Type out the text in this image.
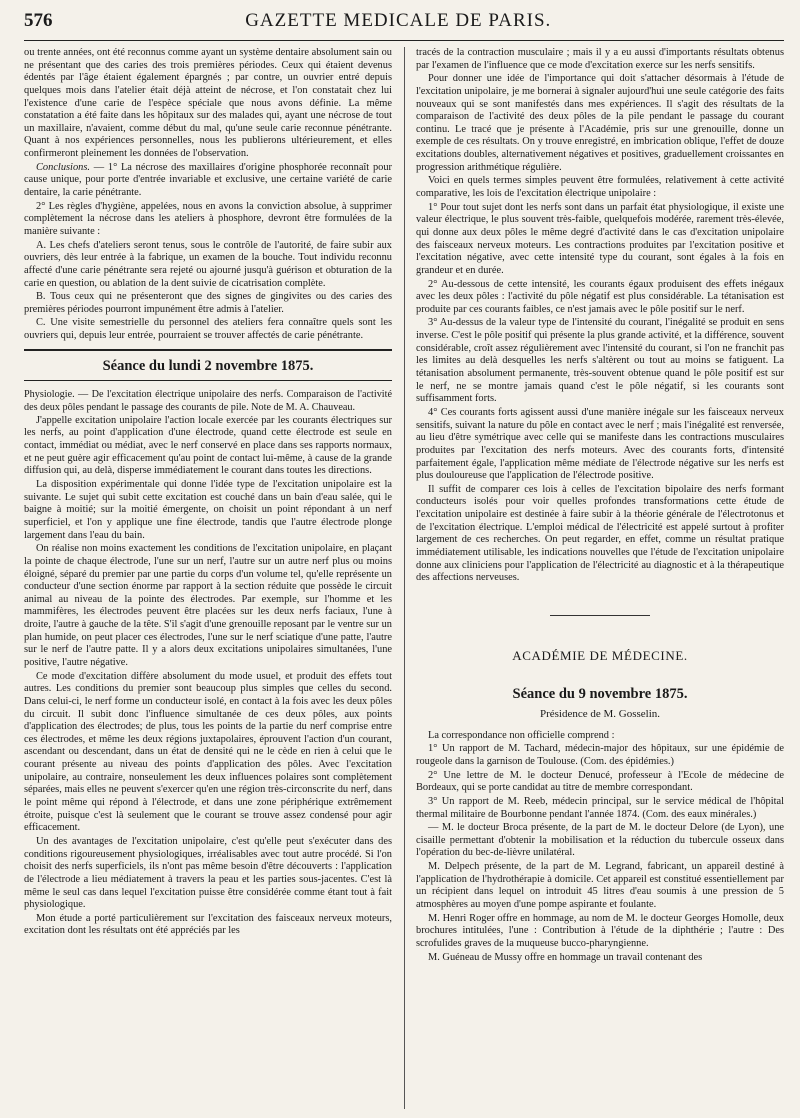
576	GAZETTE MEDICALE DE PARIS.

ou trente années, ont été reconnus comme ayant un système dentaire absolument sain ou ne présentant que des caries des trois premières périodes. Ceux qui étaient devenus édentés par l'âge étaient également épargnés ; par contre, un ouvrier entré depuis quelques mois dans l'atelier était déjà atteint de nécrose, et l'on constatait chez lui l'existence d'une carie de l'espèce spéciale que nous avons définie. La même constatation a été faite dans les hôpitaux sur des malades qui, ayant une nécrose de tout un maxillaire, n'avaient, comme début du mal, qu'une seule carie reconnue pénétrante. Quant à nos expériences personnelles, nous les publierons ultérieurement, et elles confirmeront pleinement les données de l'observation.

Conclusions. — 1° La nécrose des maxillaires d'origine phosphorée reconnaît pour cause unique, pour porte d'entrée invariable et exclusive, une certaine variété de carie dentaire, la carie pénétrante.

2° Les règles d'hygiène, appelées, nous en avons la conviction absolue, à supprimer complètement la nécrose dans les ateliers à phosphore, devront être formulées de la manière suivante :

A. Les chefs d'ateliers seront tenus, sous le contrôle de l'autorité, de faire subir aux ouvriers, dès leur entrée à la fabrique, un examen de la bouche. Tout individu reconnu affecté d'une carie pénétrante sera rejeté ou ajourné jusqu'à guérison et obturation de la carie en question, ou ablation de la dent suivie de cicatrisation complète.

B. Tous ceux qui ne présenteront que des signes de gingivites ou des caries des premières périodes pourront impunément être admis à l'atelier.

C. Une visite semestrielle du personnel des ateliers fera connaître quels sont les ouvriers qui, depuis leur entrée, pourraient se trouver affectés de carie pénétrante.

Séance du lundi 2 novembre 1875.

Physiologie. — De l'excitation électrique unipolaire des nerfs. Comparaison de l'activité des deux pôles pendant le passage des courants de pile. Note de M. A. Chauveau.

J'appelle excitation unipolaire l'action locale exercée par les courants électriques sur les nerfs, au point d'application d'une électrode, quand cette électrode est seule en contact, immédiat ou médiat, avec le nerf conservé en place dans ses rapports normaux, et ne peut guère agir efficacement qu'au point de contact lui-même, à cause de la grande diffusion qui, au delà, disperse immédiatement le courant dans toutes les directions.

La disposition expérimentale qui donne l'idée type de l'excitation unipolaire est la suivante. Le sujet qui subit cette excitation est couché dans un bain d'eau salée, qui le baigne à moitié; sur la moitié émergente, on choisit un point répondant à un nerf superficiel, et l'on y applique une fine électrode, tandis que l'autre électrode plonge largement dans l'eau du bain.

On réalise non moins exactement les conditions de l'excitation unipolaire, en plaçant la pointe de chaque électrode, l'une sur un nerf, l'autre sur un autre nerf plus ou moins éloigné, séparé du premier par une partie du corps d'un volume tel, qu'elle représente un conducteur d'une section énorme par rapport à la section réduite que possède le circuit animal au niveau de la pointe des électrodes. Par exemple, sur l'homme et les mammifères, les électrodes peuvent être placées sur les deux nerfs faciaux, l'une à droite, l'autre à gauche de la tête. S'il s'agit d'une grenouille reposant par le ventre sur un plan humide, on peut placer ces électrodes, l'une sur le nerf sciatique d'une patte, l'autre sur le nerf de l'autre patte. Il y a alors deux excitations unipolaires simultanées, l'une positive, l'autre négative.

Ce mode d'excitation diffère absolument du mode usuel, et produit des effets tout autres. Les conditions du premier sont beaucoup plus simples que celles du second. Dans celui-ci, le nerf forme un conducteur isolé, en contact à la fois avec les deux pôles du circuit. Il subit donc l'influence simultanée de ces deux pôles, aux points d'application des électrodes; de plus, tous les points de la partie du nerf comprise entre ces électrodes, et même les deux régions juxtapolaires, éprouvent l'action d'un courant, ascendant ou descendant, dans un état de densité qui ne le cède en rien à celui que le courant présente au niveau des points d'application des pôles. Avec l'excitation unipolaire, au contraire, nonseulement les deux influences polaires sont complètement séparées, mais elles ne peuvent s'exercer qu'en une région très-circonscrite du nerf, dans le point même qui répond à l'électrode, et dans une zone périphérique extrêmement étroite, puisque c'est là seulement que le courant se trouve assez condensé pour agir efficacement.

Un des avantages de l'excitation unipolaire, c'est qu'elle peut s'exécuter dans des conditions rigoureusement physiologiques, irréalisables avec tout autre procédé. Si l'on choisit des nerfs superficiels, ils n'ont pas même besoin d'être découverts : l'application de l'électrode a lieu médiatement à travers la peau et les parties sous-jacentes. C'est là même le seul cas dans lequel l'excitation puisse être considérée comme étant tout à fait physiologique.

Mon étude a porté particulièrement sur l'excitation des faisceaux nerveux moteurs, excitation dont les résultats ont été appréciés par les

tracés de la contraction musculaire ; mais il y a eu aussi d'importants résultats obtenus par l'examen de l'influence que ce mode d'excitation exerce sur les nerfs sensitifs.

Pour donner une idée de l'importance qui doit s'attacher désormais à l'étude de l'excitation unipolaire, je me bornerai à signaler aujourd'hui une seule catégorie des faits nouveaux qui se sont manifestés dans mes expériences. Il s'agit des résultats de la comparaison de l'activité des deux pôles de la pile pendant le passage du courant continu. Le tracé que je présente à l'Académie, pris sur une grenouille, donne un exemple de ces résultats. On y trouve enregistré, en imbrication oblique, l'effet de douze excitations doubles, alternativement négatives et positives, graduellement croissantes en progression arithmétique régulière.

Voici en quels termes simples peuvent être formulées, relativement à cette activité comparative, les lois de l'excitation électrique unipolaire :

1° Pour tout sujet dont les nerfs sont dans un parfait état physiologique, il existe une valeur électrique, le plus souvent très-faible, quelquefois modérée, rarement très-élevée, qui donne aux deux pôles le même degré d'activité dans le cas d'excitation unipolaire des faisceaux nerveux moteurs. Les contractions produites par l'excitation positive et l'excitation négative, avec cette intensité type du courant, sont égales à la fois en grandeur et en durée.

2° Au-dessous de cette intensité, les courants égaux produisent des effets inégaux avec les deux pôles : l'activité du pôle négatif est plus considérable. La tétanisation est produite par ces courants faibles, ce n'est jamais avec le pôle positif sur le nerf.

3° Au-dessus de la valeur type de l'intensité du courant, l'inégalité se produit en sens inverse. C'est le pôle positif qui présente la plus grande activité, et la différence, souvent considérable, croît assez régulièrement avec l'intensité du courant, si l'on ne franchit pas les limites au delà desquelles les nerfs s'altèrent ou tout au moins se fatiguent. La tétanisation absolument permanente, très-souvent obtenue quand le pôle positif est sur le nerf, ne se montre jamais quand c'est le pôle négatif, si les courants sont suffisamment forts.

4° Ces courants forts agissent aussi d'une manière inégale sur les faisceaux nerveux sensitifs, suivant la nature du pôle en contact avec le nerf ; mais l'inégalité est renversée, au lieu d'être symétrique avec celle qui se manifeste dans les contractions musculaires produites par l'excitation des nerfs moteurs. Avec des courants forts, d'intensité parfaitement égale, l'application même médiate de l'électrode négative sur les nerfs est plus douloureuse que l'application de l'électrode positive.

Il suffit de comparer ces lois à celles de l'excitation bipolaire des nerfs formant conducteurs isolés pour voir quelles profondes transformations cette étude de l'excitation unipolaire est destinée à faire subir à la théorie générale de l'électrotonus et de l'excitation électrique. L'emploi médical de l'électricité est appelé surtout à profiter largement de ces recherches. On peut regarder, en effet, comme un résultat pratique immédiatement utilisable, les indications nouvelles que l'étude de l'excitation unipolaire donne aux cliniciens pour l'application de l'électricité au diagnostic et à la thérapeutique des affections nerveuses.

ACADÉMIE DE MÉDECINE.
Séance du 9 novembre 1875.
Présidence de M. Gosselin.

La correspondance non officielle comprend :

1° Un rapport de M. Tachard, médecin-major des hôpitaux, sur une épidémie de rougeole dans la garnison de Toulouse. (Com. des épidémies.)

2° Une lettre de M. le docteur Denucé, professeur à l'Ecole de médecine de Bordeaux, qui se porte candidat au titre de membre correspondant.

3° Un rapport de M. Reeb, médecin principal, sur le service médical de l'hôpital thermal militaire de Bourbonne pendant l'année 1874. (Com. des eaux minérales.)

— M. le docteur Broca présente, de la part de M. le docteur Delore (de Lyon), une cisaille permettant d'obtenir la mobilisation et la réduction du tubercule osseux dans l'opération du bec-de-lièvre unilatéral.

M. Delpech présente, de la part de M. Legrand, fabricant, un appareil destiné à l'application de l'hydrothérapie à domicile. Cet appareil est constitué essentiellement par un récipient dans lequel on introduit 45 litres d'eau soumis à une pression de 5 atmosphères au moyen d'une pompe aspirante et foulante.

M. Henri Roger offre en hommage, au nom de M. le docteur Georges Homolle, deux brochures intitulées, l'une : Contribution à l'étude de la diphthérie ; l'autre : Des scrofulides graves de la muqueuse bucco-pharyngienne.

M. Guéneau de Mussy offre en hommage un travail contenant des
